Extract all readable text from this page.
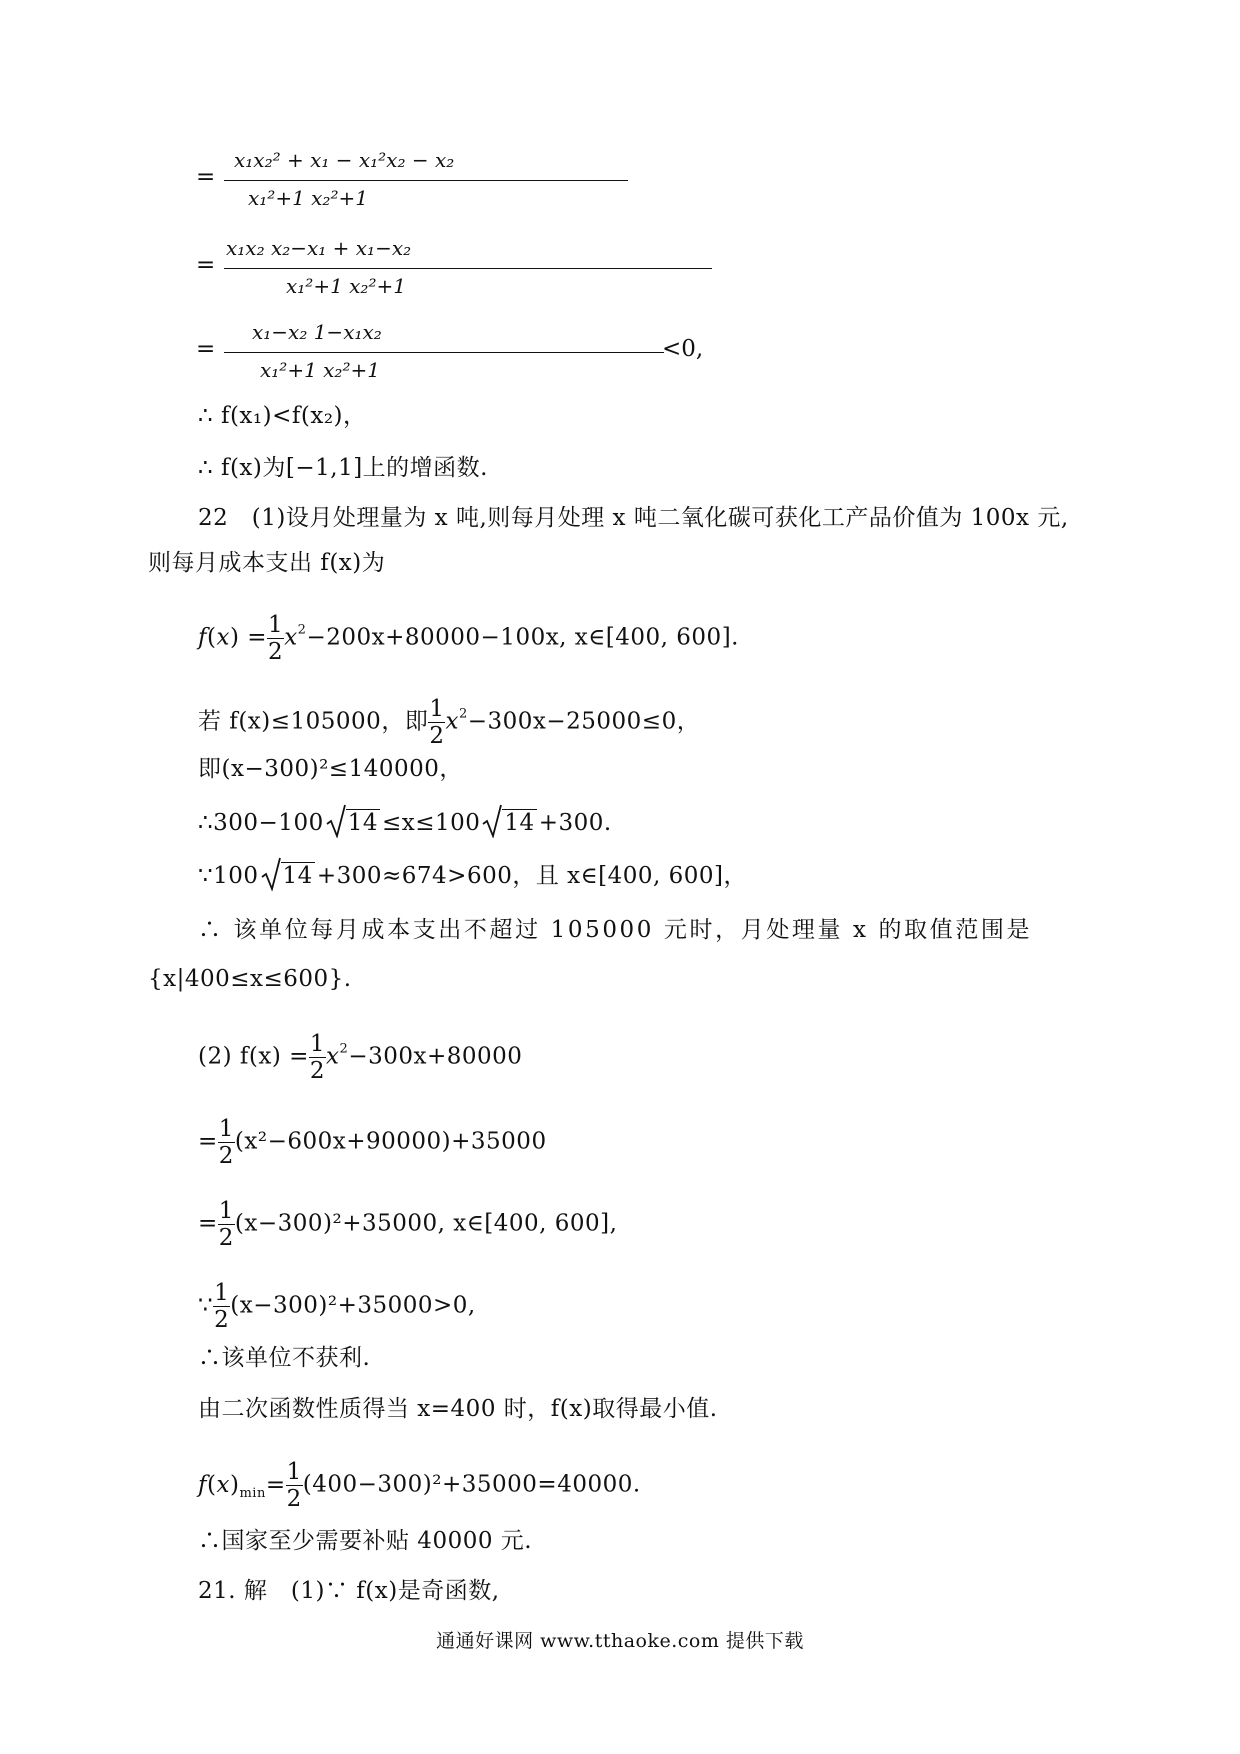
=
x₁x₂² + x₁ − x₁²x₂ − x₂
x₁²+1 x₂²+1
=
x₁x₂ x₂−x₁ + x₁−x₂
x₁²+1 x₂²+1
=
x₁−x₂ 1−x₁x₂
x₁²+1 x₂²+1
<0,
∴ f(x₁)<f(x₂)，
∴ f(x)为[−1,1]上的增函数.
22　(1)设月处理量为 x 吨,则每月处理 x 吨二氧化碳可获化工产品价值为 100x 元,
则每月成本支出 f(x)为
$f(x) = \frac{1}{2} x^2-200x+80000-100x$, x∈[400, 600].
若 f(x)≤105000，即 $\frac{1}{2} x^2-300x-25000\le 0$，
即(x−300)²≤140000，
∴300−100 14 ≤x≤100 14 +300.
∵100 14 +300≈674>600，且 x∈[400, 600]，
∴ 该单位每月成本支出不超过 105000 元时，月处理量 x 的取值范围是
{x|400≤x≤600}.
(2) $f(x) = \frac{1}{2} x^2-300x+80000$
= $\frac{1}{2} (x^2-600x+90000)+35000$
= $\frac{1}{2} (x-300)^2+35000$, x∈[400, 600],
∵ $\frac{1}{2} (x-300)^2+35000>0$,
∴该单位不获利.
由二次函数性质得当 x=400 时，f(x)取得最小值.
$f(x)_{min}= \frac{1}{2} (400-300)^2+35000=40000$.
∴国家至少需要补贴 40000 元.
21. 解　(1)∵ f(x)是奇函数,
通通好课网 www.tthaoke.com 提供下载
